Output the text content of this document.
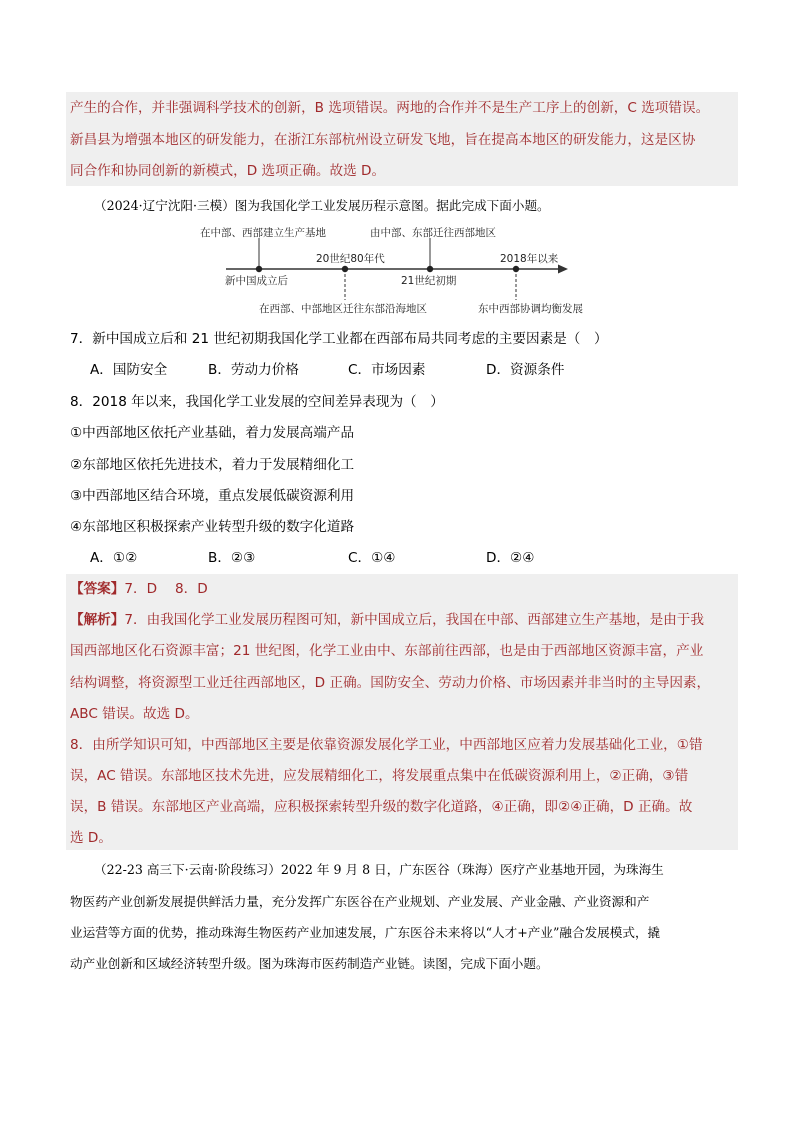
产生的合作，并非强调科学技术的创新，B 选项错误。两地的合作并不是生产工序上的创新，C 选项错误。
新昌县为增强本地区的研发能力，在浙江东部杭州设立研发飞地，旨在提高本地区的研发能力，这是区协
同合作和协同创新的新模式，D 选项正确。故选 D。
（2024·辽宁沈阳·三模）图为我国化学工业发展历程示意图。据此完成下面小题。
在中部、西部建立生产基地	由中部、东部迁往西部地区
20世纪80年代	2018年以来
新中国成立后	21世纪初期
在西部、中部地区迁往东部沿海地区	东中西部协调均衡发展
7．新中国成立后和 21 世纪初期我国化学工业都在西部布局共同考虑的主要因素是（　）
A．国防安全	B．劳动力价格	C．市场因素	D．资源条件
8．2018 年以来，我国化学工业发展的空间差异表现为（　）
①中西部地区依托产业基础，着力发展高端产品
②东部地区依托先进技术，着力于发展精细化工
③中西部地区结合环境，重点发展低碳资源利用
④东部地区积极探索产业转型升级的数字化道路
A．①②	B．②③	C．①④	D．②④
【答案】7．D　 8．D
【解析】7．由我国化学工业发展历程图可知，新中国成立后，我国在中部、西部建立生产基地，是由于我
国西部地区化石资源丰富；21 世纪图，化学工业由中、东部前往西部，也是由于西部地区资源丰富，产业
结构调整，将资源型工业迁往西部地区，D 正确。国防安全、劳动力价格、市场因素并非当时的主导因素，
ABC 错误。故选 D。
8．由所学知识可知，中西部地区主要是依靠资源发展化学工业，中西部地区应着力发展基础化工业，①错
误，AC 错误。东部地区技术先进，应发展精细化工，将发展重点集中在低碳资源利用上，②正确，③错
误，B 错误。东部地区产业高端，应积极探索转型升级的数字化道路，④正确，即②④正确，D 正确。故
选 D。
（22-23 高三下·云南·阶段练习）2022 年 9 月 8 日，广东医谷（珠海）医疗产业基地开园，为珠海生
物医药产业创新发展提供鲜活力量，充分发挥广东医谷在产业规划、产业发展、产业金融、产业资源和产
业运营等方面的优势，推动珠海生物医药产业加速发展，广东医谷未来将以“人才+产业”融合发展模式，撬
动产业创新和区域经济转型升级。图为珠海市医药制造产业链。读图，完成下面小题。
